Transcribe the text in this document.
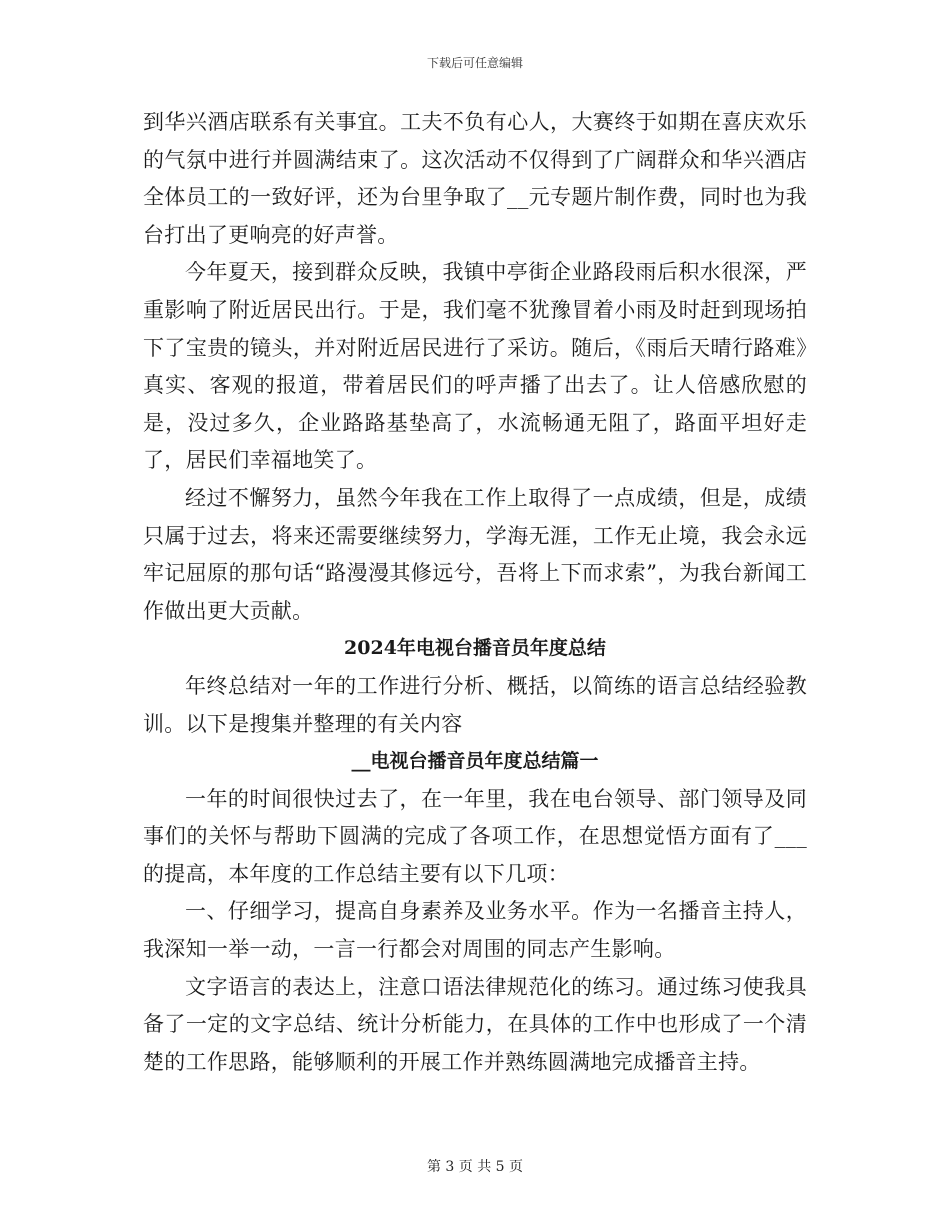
下载后可任意编辑

到华兴酒店联系有关事宜。工夫不负有心人，大赛终于如期在喜庆欢乐的气氛中进行并圆满结束了。这次活动不仅得到了广阔群众和华兴酒店全体员工的一致好评，还为台里争取了__元专题片制作费，同时也为我台打出了更响亮的好声誉。

今年夏天，接到群众反映，我镇中亭街企业路段雨后积水很深，严重影响了附近居民出行。于是，我们毫不犹豫冒着小雨及时赶到现场拍下了宝贵的镜头，并对附近居民进行了采访。随后，《雨后天晴行路难》真实、客观的报道，带着居民们的呼声播了出去了。让人倍感欣慰的是，没过多久，企业路路基垫高了，水流畅通无阻了，路面平坦好走了，居民们幸福地笑了。

经过不懈努力，虽然今年我在工作上取得了一点成绩，但是，成绩只属于过去，将来还需要继续努力，学海无涯，工作无止境，我会永远牢记屈原的那句话“路漫漫其修远兮，吾将上下而求索”，为我台新闻工作做出更大贡献。

2024年电视台播音员年度总结

年终总结对一年的工作进行分析、概括，以简练的语言总结经验教训。以下是搜集并整理的有关内容

__电视台播音员年度总结篇一

一年的时间很快过去了，在一年里，我在电台领导、部门领导及同事们的关怀与帮助下圆满的完成了各项工作，在思想觉悟方面有了___的提高，本年度的工作总结主要有以下几项：

一、仔细学习，提高自身素养及业务水平。作为一名播音主持人，我深知一举一动，一言一行都会对周围的同志产生影响。

文字语言的表达上，注意口语法律规范化的练习。通过练习使我具备了一定的文字总结、统计分析能力，在具体的工作中也形成了一个清楚的工作思路，能够顺利的开展工作并熟练圆满地完成播音主持。

第 3 页 共 5 页
